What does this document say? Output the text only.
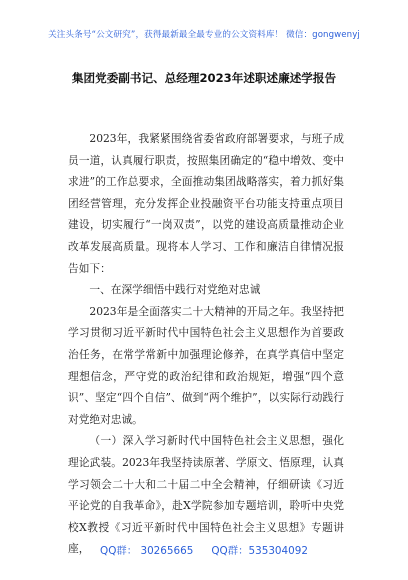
关注头条号“公文研究”，获得最新最全最专业的公文资料库！ 微信：gongwenyj
集团党委副书记、总经理2023年述职述廉述学报告

2023年，我紧紧围绕省委省政府部署要求，与班子成员一道，认真履行职责，按照集团确定的“稳中增效、变中求进”的工作总要求，全面推动集团战略落实，着力抓好集团经营管理，充分发挥企业投融资平台功能支持重点项目建设，切实履行“一岗双责”，以党的建设高质量推动企业改革发展高质量。现将本人学习、工作和廉洁自律情况报告如下：

一、在深学细悟中践行对党绝对忠诚

2023年是全面落实二十大精神的开局之年。我坚持把学习贯彻习近平新时代中国特色社会主义思想作为首要政治任务，在常学常新中加强理论修养，在真学真信中坚定理想信念，严守党的政治纪律和政治规矩，增强“四个意识”、坚定“四个自信”、做到“两个维护”，以实际行动践行对党绝对忠诚。

（一）深入学习新时代中国特色社会主义思想，强化理论武装。2023年我坚持读原著、学原文、悟原理，认真学习领会二十大和二十届二中全会精神，仔细研读《习近平论党的自我革命》，赴X学院参加专题培训，聆听中央党校X教授《习近平新时代中国特色社会主义思想》专题讲座，	QQ群： 30265665 QQ群：535304092
